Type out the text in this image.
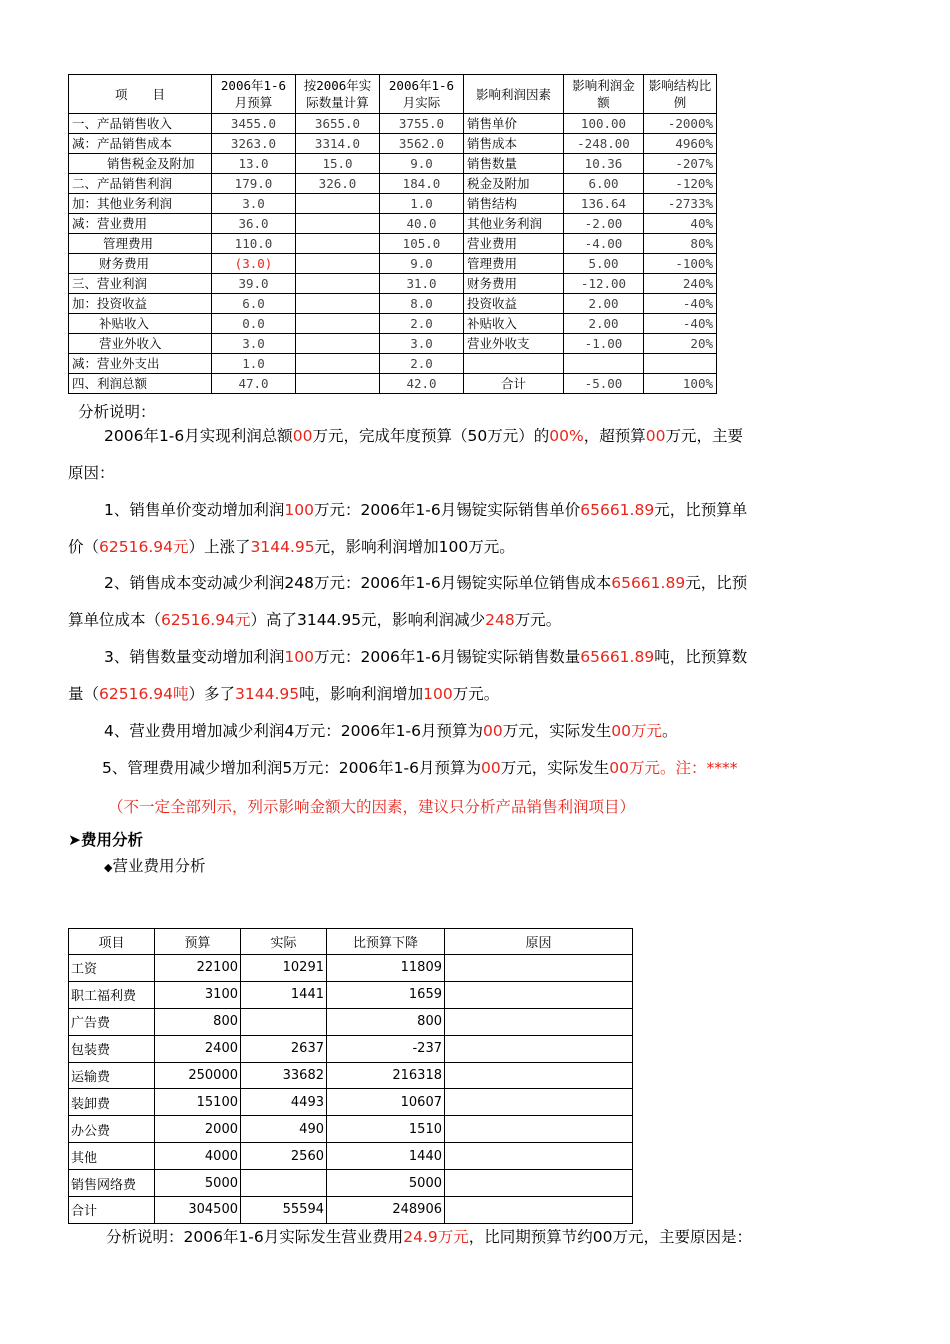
项　　目	2006年1-6月预算	按2006年实际数量计算	2006年1-6月实际	影响利润因素	影响利润金额	影响结构比例
一、产品销售收入	3455.0	3655.0	3755.0	销售单价	100.00	-2000%
减：产品销售成本	3263.0	3314.0	3562.0	销售成本	-248.00	4960%
销售税金及附加	13.0	15.0	9.0	销售数量	10.36	-207%
二、产品销售利润	179.0	326.0	184.0	税金及附加	6.00	-120%
加：其他业务利润	3.0		1.0	销售结构	136.64	-2733%
减：营业费用	36.0		40.0	其他业务利润	-2.00	40%
管理费用	110.0		105.0	营业费用	-4.00	80%
财务费用	(3.0)		9.0	管理费用	5.00	-100%
三、营业利润	39.0		31.0	财务费用	-12.00	240%
加：投资收益	6.0		8.0	投资收益	2.00	-40%
补贴收入	0.0		2.0	补贴收入	2.00	-40%
营业外收入	3.0		3.0	营业外收支	-1.00	20%
减：营业外支出	1.0		2.0			
四、利润总额	47.0		42.0	合计	-5.00	100%
分析说明：
2006年1-6月实现利润总额00万元，完成年度预算（50万元）的00%，超预算00万元，主要
原因：
1、销售单价变动增加利润100万元：2006年1-6月锡锭实际销售单价65661.89元，比预算单
价（62516.94元）上涨了3144.95元，影响利润增加100万元。
2、销售成本变动减少利润248万元：2006年1-6月锡锭实际单位销售成本65661.89元，比预
算单位成本（62516.94元）高了3144.95元，影响利润减少248万元。
3、销售数量变动增加利润100万元：2006年1-6月锡锭实际销售数量65661.89吨，比预算数
量（62516.94吨）多了3144.95吨，影响利润增加100万元。
4、营业费用增加减少利润4万元：2006年1-6月预算为00万元，实际发生00万元。
5、管理费用减少增加利润5万元：2006年1-6月预算为00万元，实际发生00万元。注：****
（不一定全部列示，列示影响金额大的因素，建议只分析产品销售利润项目）
➤费用分析
◆营业费用分析
项目	预算	实际	比预算下降	原因
工资	22100	10291	11809	
职工福利费	3100	1441	1659	
广告费	800		800	
包装费	2400	2637	-237	
运输费	250000	33682	216318	
装卸费	15100	4493	10607	
办公费	2000	490	1510	
其他	4000	2560	1440	
销售网络费	5000		5000	
合计	304500	55594	248906	
分析说明：2006年1-6月实际发生营业费用24.9万元，比同期预算节约00万元，主要原因是：
